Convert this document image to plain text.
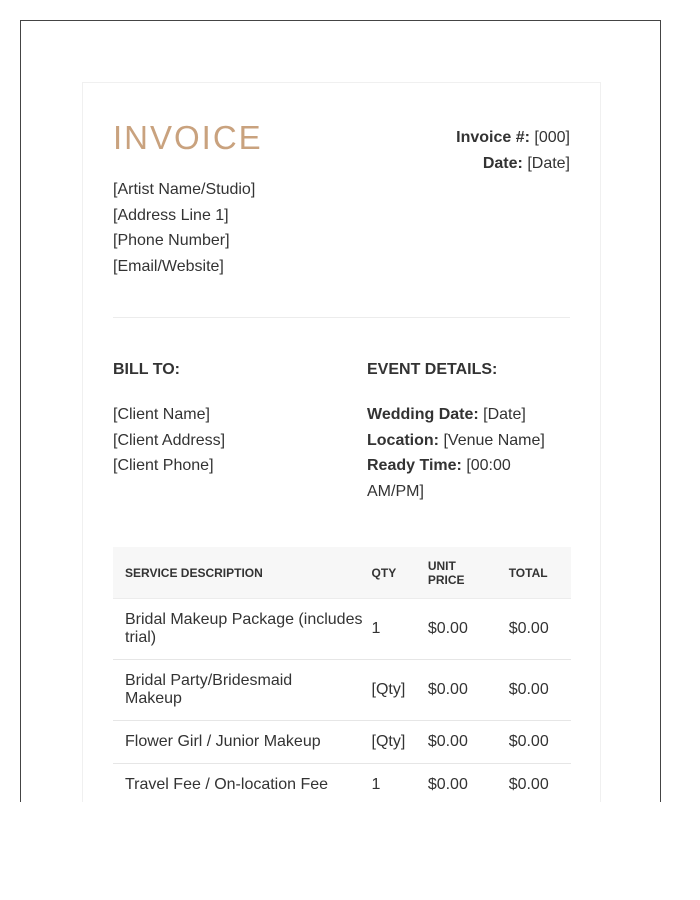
INVOICE
[Artist Name/Studio]
[Address Line 1]
[Phone Number]
[Email/Website]
Invoice #: [000]
Date: [Date]
BILL TO:
[Client Name]
[Client Address]
[Client Phone]
EVENT DETAILS:
Wedding Date: [Date]
Location: [Venue Name]
Ready Time: [00:00 AM/PM]
SERVICE DESCRIPTION	QTY	UNIT PRICE	TOTAL
Bridal Makeup Package (includes trial)	1	$0.00	$0.00

Bridal Party/Bridesmaid Makeup	[Qty]	$0.00	$0.00
Flower Girl / Junior Makeup	[Qty]	$0.00	$0.00
Travel Fee / On-location Fee	1	$0.00	$0.00
